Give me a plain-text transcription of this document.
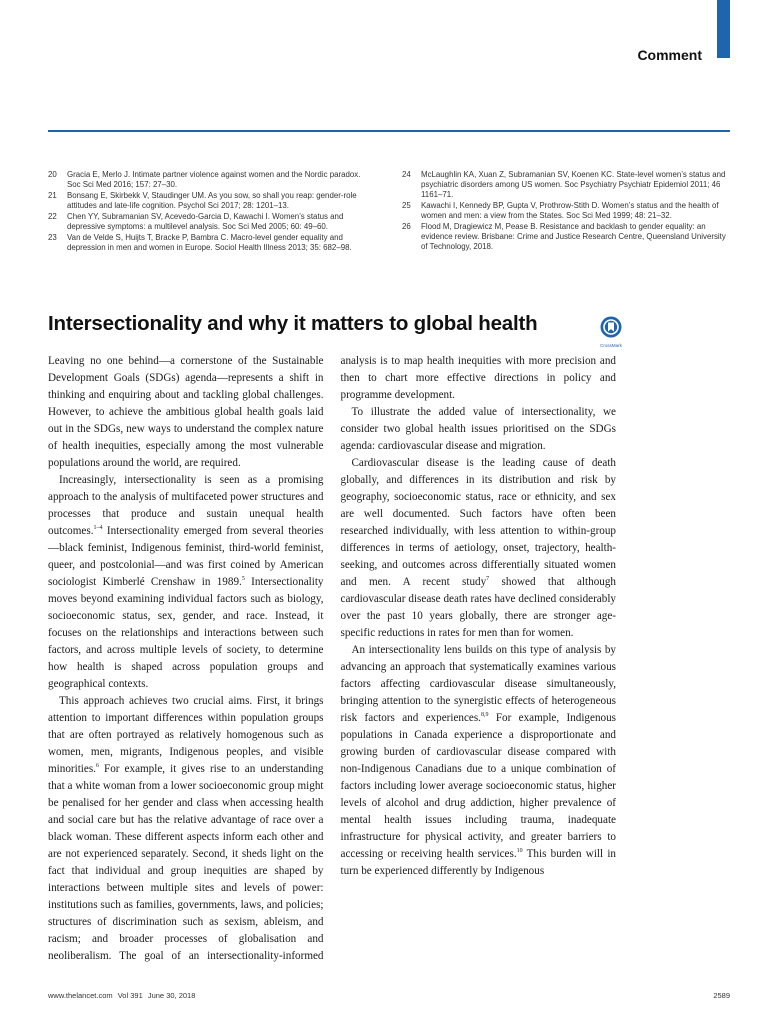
Comment
20	Gracia E, Merlo J. Intimate partner violence against women and the Nordic paradox. Soc Sci Med 2016; 157: 27–30.
21	Bonsang E, Skirbekk V, Staudinger UM. As you sow, so shall you reap: gender-role attitudes and late-life cognition. Psychol Sci 2017; 28: 1201–13.
22	Chen YY, Subramanian SV, Acevedo-Garcia D, Kawachi I. Women’s status and depressive symptoms: a multilevel analysis. Soc Sci Med 2005; 60: 49–60.
23	Van de Velde S, Huijts T, Bracke P, Bambra C. Macro-level gender equality and depression in men and women in Europe. Sociol Health Illness 2013; 35: 682–98.
24	McLaughlin KA, Xuan Z, Subramanian SV, Koenen KC. State-level women’s status and psychiatric disorders among US women. Soc Psychiatry Psychiatr Epidemiol 2011; 46 1161–71.
25	Kawachi I, Kennedy BP, Gupta V, Prothrow-Stith D. Women’s status and the health of women and men: a view from the States. Soc Sci Med 1999; 48: 21–32.
26	Flood M, Dragiewicz M, Pease B. Resistance and backlash to gender equality: an evidence review. Brisbane: Crime and Justice Research Centre, Queensland University of Technology, 2018.
Intersectionality and why it matters to global health
CrossMark

Leaving no one behind—a cornerstone of the Sustainable Development Goals (SDGs) agenda—represents a shift in thinking and enquiring about and tackling global challenges. However, to achieve the ambitious global health goals laid out in the SDGs, new ways to understand the complex nature of health inequities, especially among the most vulnerable populations around the world, are required.

Increasingly, intersectionality is seen as a promising approach to the analysis of multifaceted power structures and processes that produce and sustain unequal health outcomes.$^{1-4}$ Intersectionality emerged from several theories—black feminist, Indigenous feminist, third-world feminist, queer, and postcolonial—and was first coined by American sociologist Kimberlé Crenshaw in 1989.$^5$ Intersectionality moves beyond examining individual factors such as biology, socioeconomic status, sex, gender, and race. Instead, it focuses on the relationships and interactions between such factors, and across multiple levels of society, to determine how health is shaped across population groups and geographical contexts.

This approach achieves two crucial aims. First, it brings attention to important differences within population groups that are often portrayed as relatively homogenous such as women, men, migrants, Indigenous peoples, and visible minorities.$^6$ For example, it gives rise to an understanding that a white woman from a lower socioeconomic group might be penalised for her gender and class when accessing health and social care but has the relative advantage of race over a black woman. These different aspects inform each other and are not experienced separately. Second, it sheds light on the fact that individual and group inequities are shaped by interactions between multiple sites and levels of power: institutions such as families, governments, laws, and policies; structures of discrimination such as sexism, ableism, and racism; and broader processes of globalisation and neoliberalism. The goal of an intersectionality-informed analysis is to map health inequities with more precision and then to chart more effective directions in policy and programme development.

To illustrate the added value of intersectionality, we consider two global health issues prioritised on the SDGs agenda: cardiovascular disease and migration.

Cardiovascular disease is the leading cause of death globally, and differences in its distribution and risk by geography, socioeconomic status, race or ethnicity, and sex are well documented. Such factors have often been researched individually, with less attention to within-group differences in terms of aetiology, onset, trajectory, health-seeking, and outcomes across differentially situated women and men. A recent study$^7$ showed that although cardiovascular disease death rates have declined considerably over the past 10 years globally, there are stronger age-specific reductions in rates for men than for women.

An intersectionality lens builds on this type of analysis by advancing an approach that systematically examines various factors affecting cardiovascular disease simultaneously, bringing attention to the synergistic effects of heterogeneous risk factors and experiences.$^{8,9}$ For example, Indigenous populations in Canada experience a disproportionate and growing burden of cardiovascular disease compared with non-Indigenous Canadians due to a unique combination of factors including lower average socioeconomic status, higher levels of alcohol and drug addiction, higher prevalence of mental health issues including trauma, inadequate infrastructure for physical activity, and greater barriers to accessing or receiving health services.$^{10}$ This burden will in turn be experienced differently by Indigenous

www.thelancet.com Vol 391 June 30, 2018	2589
